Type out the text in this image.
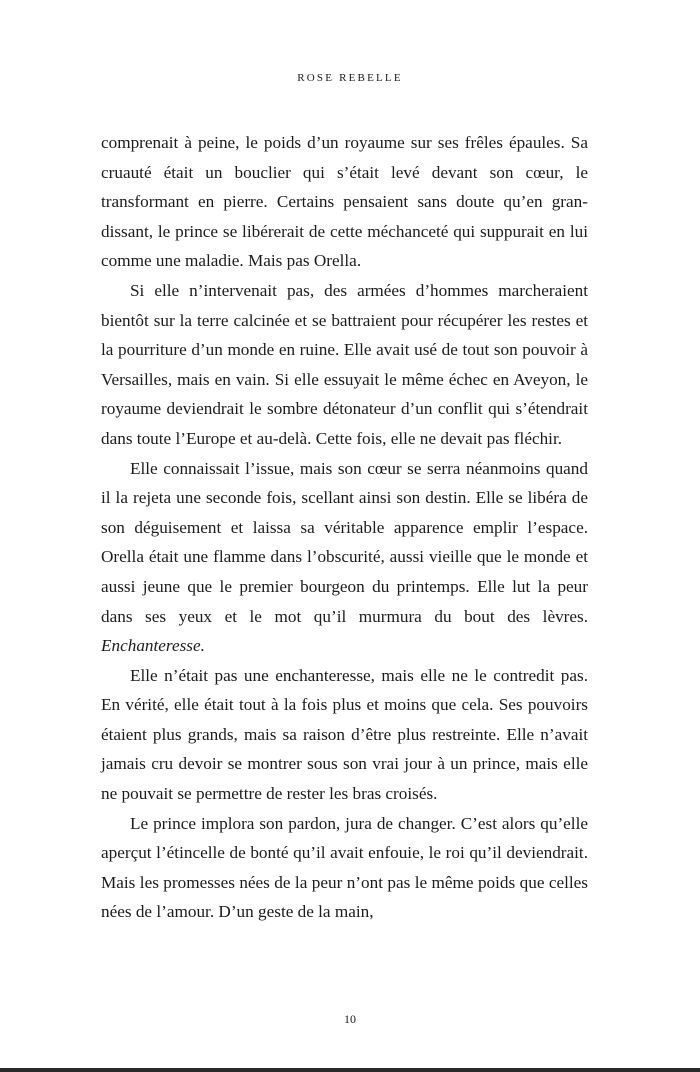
ROSE REBELLE

comprenait à peine, le poids d’un royaume sur ses frêles épaules. Sa cruauté était un bouclier qui s’était levé devant son cœur, le transformant en pierre. Certains pensaient sans doute qu’en grandissant, le prince se libérerait de cette méchanceté qui suppurait en lui comme une maladie. Mais pas Orella.

Si elle n’intervenait pas, des armées d’hommes marcheraient bientôt sur la terre calcinée et se battraient pour récupérer les restes et la pourriture d’un monde en ruine. Elle avait usé de tout son pouvoir à Versailles, mais en vain. Si elle essuyait le même échec en Aveyon, le royaume deviendrait le sombre détonateur d’un conflit qui s’étendrait dans toute l’Europe et au-delà. Cette fois, elle ne devait pas fléchir.

Elle connaissait l’issue, mais son cœur se serra néanmoins quand il la rejeta une seconde fois, scellant ainsi son destin. Elle se libéra de son déguisement et laissa sa véritable apparence emplir l’espace. Orella était une flamme dans l’obscurité, aussi vieille que le monde et aussi jeune que le premier bourgeon du printemps. Elle lut la peur dans ses yeux et le mot qu’il murmura du bout des lèvres. Enchanteresse.

Elle n’était pas une enchanteresse, mais elle ne le contredit pas. En vérité, elle était tout à la fois plus et moins que cela. Ses pouvoirs étaient plus grands, mais sa raison d’être plus restreinte. Elle n’avait jamais cru devoir se montrer sous son vrai jour à un prince, mais elle ne pouvait se permettre de rester les bras croisés.

Le prince implora son pardon, jura de changer. C’est alors qu’elle aperçut l’étincelle de bonté qu’il avait enfouie, le roi qu’il deviendrait. Mais les promesses nées de la peur n’ont pas le même poids que celles nées de l’amour. D’un geste de la main,

10
